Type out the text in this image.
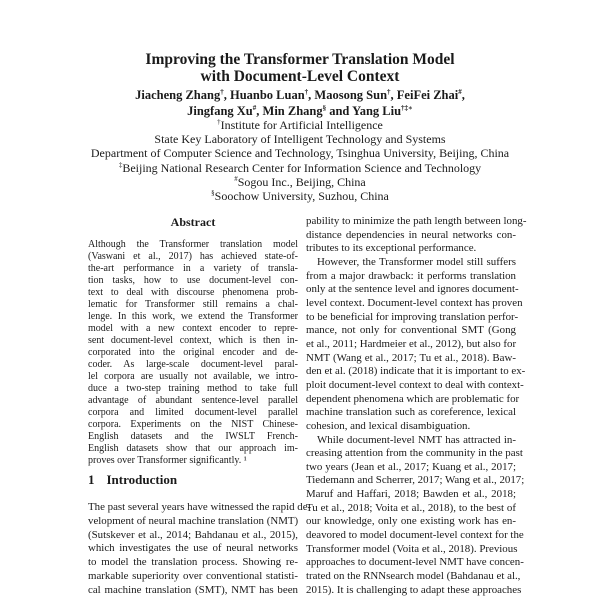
Improving the Transformer Translation Model
with Document-Level Context
Jiacheng Zhang†, Huanbo Luan†, Maosong Sun†, FeiFei Zhai#,
Jingfang Xu#, Min Zhang§ and Yang Liu†‡∗
†Institute for Artificial Intelligence
State Key Laboratory of Intelligent Technology and Systems
Department of Computer Science and Technology, Tsinghua University, Beijing, China
‡Beijing National Research Center for Information Science and Technology
#Sogou Inc., Beijing, China
§Soochow University, Suzhou, China
Abstract
Although the Transformer translation model
(Vaswani et al., 2017) has achieved state-of-
the-art performance in a variety of transla-
tion tasks, how to use document-level con-
text to deal with discourse phenomena prob-
lematic for Transformer still remains a chal-
lenge. In this work, we extend the Transformer
model with a new context encoder to repre-
sent document-level context, which is then in-
corporated into the original encoder and de-
coder. As large-scale document-level paral-
lel corpora are usually not available, we intro-
duce a two-step training method to take full
advantage of abundant sentence-level parallel
corpora and limited document-level parallel
corpora. Experiments on the NIST Chinese-
English datasets and the IWSLT French-
English datasets show that our approach im-
proves over Transformer significantly. ¹
1 Introduction
The past several years have witnessed the rapid de-
velopment of neural machine translation (NMT)
(Sutskever et al., 2014; Bahdanau et al., 2015),
which investigates the use of neural networks
to model the translation process. Showing re-
markable superiority over conventional statisti-
cal machine translation (SMT), NMT has been
pability to minimize the path length between long-
distance dependencies in neural networks con-
tributes to its exceptional performance.
However, the Transformer model still suffers
from a major drawback: it performs translation
only at the sentence level and ignores document-
level context. Document-level context has proven
to be beneficial for improving translation perfor-
mance, not only for conventional SMT (Gong
et al., 2011; Hardmeier et al., 2012), but also for
NMT (Wang et al., 2017; Tu et al., 2018). Baw-
den et al. (2018) indicate that it is important to ex-
ploit document-level context to deal with context-
dependent phenomena which are problematic for
machine translation such as coreference, lexical
cohesion, and lexical disambiguation.
While document-level NMT has attracted in-
creasing attention from the community in the past
two years (Jean et al., 2017; Kuang et al., 2017;
Tiedemann and Scherrer, 2017; Wang et al., 2017;
Maruf and Haffari, 2018; Bawden et al., 2018;
Tu et al., 2018; Voita et al., 2018), to the best of
our knowledge, only one existing work has en-
deavored to model document-level context for the
Transformer model (Voita et al., 2018). Previous
approaches to document-level NMT have concen-
trated on the RNNsearch model (Bahdanau et al.,
2015). It is challenging to adapt these approaches
